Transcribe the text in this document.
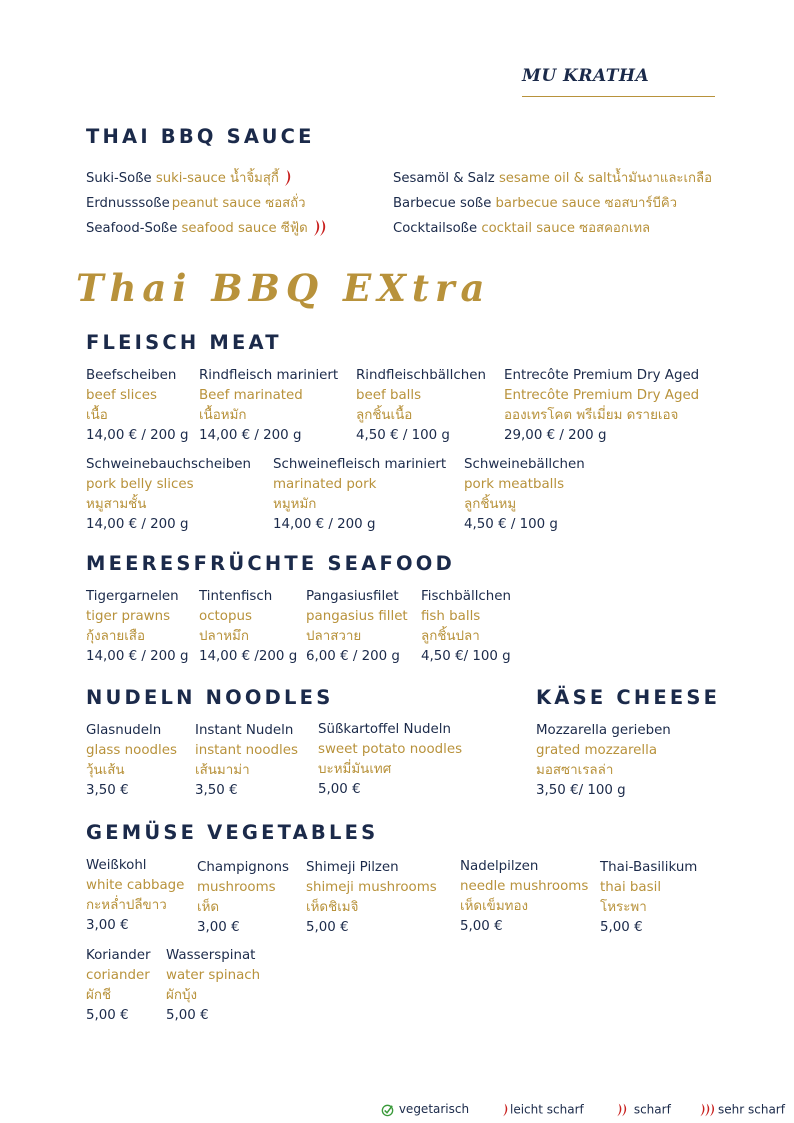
MU KRATHA
THAI BBQ SAUCE
Suki-Soße suki-sauce น้ำจิ้มสุกี้
Erdnusssoße peanut sauce ซอสถั่ว
Seafood-Soße seafood sauce ซีฟู้ด
Sesamöl & Salz sesame oil & saltน้ำมันงาและเกลือ
Barbecue soße barbecue sauce ซอสบาร์บีคิว
Cocktailsoße cocktail sauce ซอสคอกเทล
Thai BBQ EXtra
FLEISCH MEAT
Beefscheiben
beef slices
เนื้อ
14,00 € / 200 g
Rindfleisch mariniert
Beef marinated
เนื้อหมัก
14,00 € / 200 g
Rindfleischbällchen
beef balls
ลูกชิ้นเนื้อ
4,50 € / 100 g
Entrecôte Premium Dry Aged
Entrecôte Premium Dry Aged
อองเทรโคต พรีเมี่ยม ดรายเอจ
29,00 € / 200 g
Schweinebauchscheiben
pork belly slices
หมูสามชั้น
14,00 € / 200 g
Schweinefleisch mariniert
marinated pork
หมูหมัก
14,00 € / 200 g
Schweinebällchen
pork meatballs
ลูกชิ้นหมู
4,50 € / 100 g
MEERESFRÜCHTE SEAFOOD
Tigergarnelen
tiger prawns
กุ้งลายเสือ
14,00 € / 200 g
Tintenfisch
octopus
ปลาหมึก
14,00 € /200 g
Pangasiusfilet
pangasius fillet
ปลาสวาย
6,00 € / 200 g
Fischbällchen
fish balls
ลูกชิ้นปลา
4,50 €/ 100 g
NUDELN NOODLES
Glasnudeln
glass noodles
วุ้นเส้น
3,50 €
Instant Nudeln
instant noodles
เส้นมาม่า
3,50 €
Süßkartoffel Nudeln
sweet potato noodles
บะหมี่มันเทศ
5,00 €
KÄSE CHEESE
Mozzarella gerieben
grated mozzarella
มอสซาเรลล่า
3,50 €/ 100 g
GEMÜSE VEGETABLES
Weißkohl
white cabbage
กะหล่ำปลีขาว
3,00 €
Champignons
mushrooms
เห็ด
3,00 €
Shimeji Pilzen
shimeji mushrooms
เห็ดชิเมจิ
5,00 €
Nadelpilzen
needle mushrooms
เห็ดเข็มทอง
5,00 €
Thai-Basilikum
thai basil
โหระพา
5,00 €
Koriander
coriander
ผักชี
5,00 €
Wasserspinat
water spinach
ผักบุ้ง
5,00 €
vegetarisch	leicht scharf	scharf	sehr scharf
